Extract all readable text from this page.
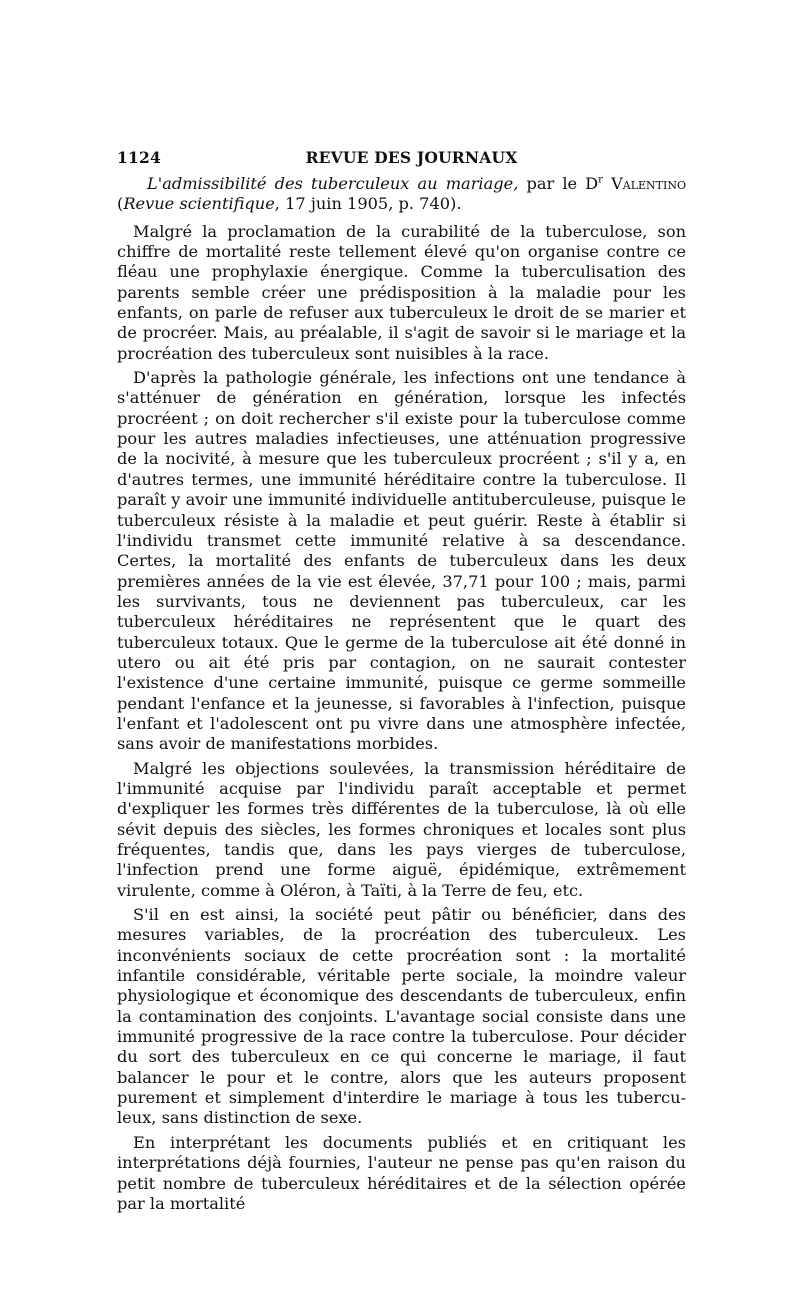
1124	REVUE DES JOURNAUX

L'admissibilité des tuberculeux au mariage, par le $D^r$ Valentino (Revue scientifique, 17 juin 1905, p. 740).

Malgré la proclamation de la curabilité de la tuberculose, son chiffre de mortalité reste tellement élevé qu'on organise contre ce fléau une prophylaxie énergique. Comme la tuberculisation des parents semble créer une prédisposition à la maladie pour les enfants, on parle de refuser aux tuberculeux le droit de se marier et de procréer. Mais, au préalable, il s'agit de savoir si le mariage et la procréation des tuberculeux sont nuisibles à la race.

D'après la pathologie générale, les infections ont une tendance à s'atténuer de génération en génération, lorsque les infectés procréent ; on doit rechercher s'il existe pour la tuberculose comme pour les autres maladies infectieuses, une atténuation progressive de la nocivité, à mesure que les tuberculeux procréent ; s'il y a, en d'autres termes, une immunité héréditaire contre la tuberculose. Il paraît y avoir une immunité individuelle antituberculeuse, puisque le tuberculeux résiste à la maladie et peut guérir. Reste à établir si l'individu transmet cette immunité relative à sa descendance. Certes, la mortalité des enfants de tuberculeux dans les deux premières années de la vie est élevée, 37,71 pour 100 ; mais, parmi les survivants, tous ne deviennent pas tuberculeux, car les tuberculeux héréditaires ne représentent que le quart des tuberculeux totaux. Que le germe de la tuberculose ait été donné in utero ou ait été pris par contagion, on ne saurait contester l'existence d'une certaine immunité, puisque ce germe sommeille pendant l'enfance et la jeunesse, si favorables à l'infection, puisque l'enfant et l'adolescent ont pu vivre dans une atmosphère infectée, sans avoir de manifestations morbides.

Malgré les objections soulevées, la transmission héréditaire de l'immunité acquise par l'individu paraît acceptable et permet d'expliquer les formes très différentes de la tuberculose, là où elle sévit depuis des siècles, les formes chroniques et locales sont plus fréquentes, tandis que, dans les pays vierges de tuberculose, l'infection prend une forme aiguë, épidémique, extrêmement virulente, comme à Oléron, à Taïti, à la Terre de feu, etc.

S'il en est ainsi, la société peut pâtir ou bénéficier, dans des mesures variables, de la procréation des tuberculeux. Les inconvénients sociaux de cette procréation sont : la mortalité infantile considérable, véritable perte sociale, la moindre valeur physiologique et économique des descendants de tuberculeux, enfin la contamination des conjoints. L'avantage social consiste dans une immunité progressive de la race contre la tuberculose. Pour décider du sort des tuberculeux en ce qui concerne le mariage, il faut balancer le pour et le contre, alors que les auteurs proposent purement et simplement d'interdire le mariage à tous les tuberculeux, sans distinction de sexe.

En interprétant les documents publiés et en critiquant les interprétations déjà fournies, l'auteur ne pense pas qu'en raison du petit nombre de tuberculeux héréditaires et de la sélection opérée par la mortalité
